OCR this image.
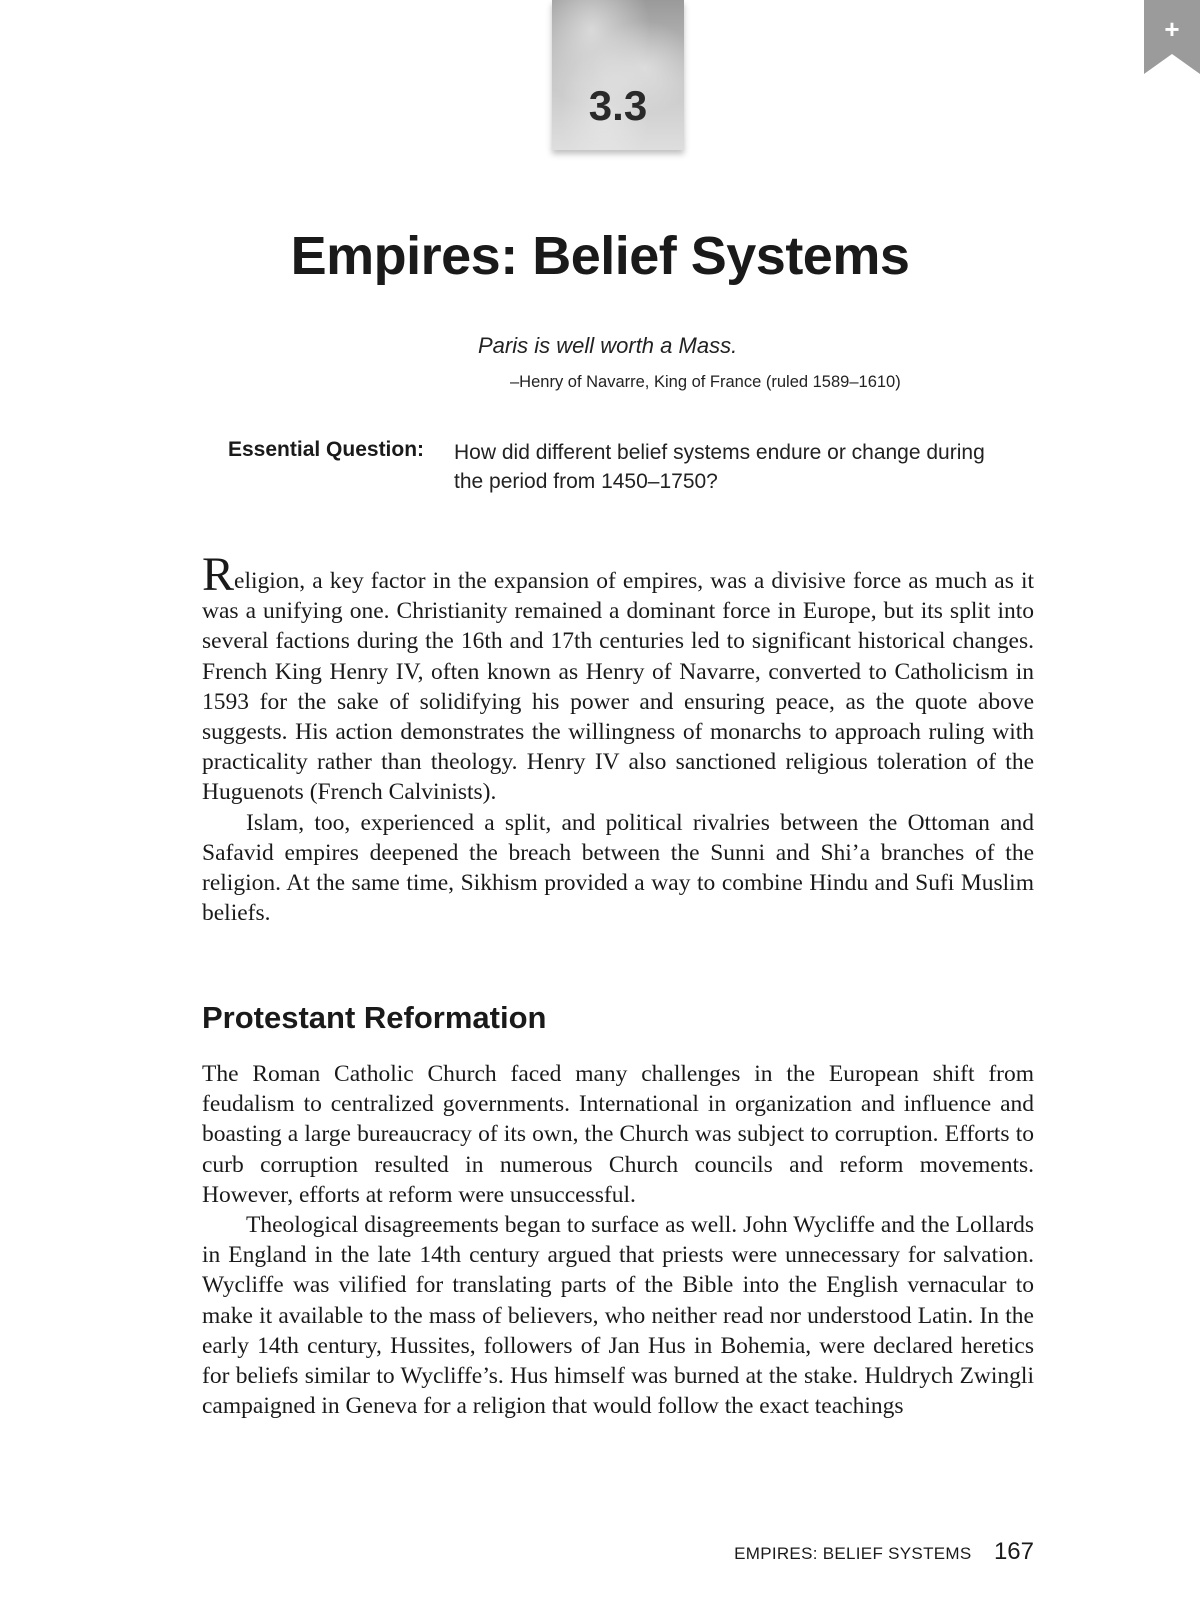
3.3
+
Empires: Belief Systems
Paris is well worth a Mass.
–Henry of Navarre, King of France (ruled 1589–1610)
Essential Question: How did different belief systems endure or change during the period from 1450–1750?

Religion, a key factor in the expansion of empires, was a divisive force as much as it was a unifying one. Christianity remained a dominant force in Europe, but its split into several factions during the 16th and 17th centuries led to significant historical changes. French King Henry IV, often known as Henry of Navarre, converted to Catholicism in 1593 for the sake of solidifying his power and ensuring peace, as the quote above suggests. His action demonstrates the willingness of monarchs to approach ruling with practicality rather than theology. Henry IV also sanctioned religious toleration of the Huguenots (French Calvinists).

Islam, too, experienced a split, and political rivalries between the Ottoman and Safavid empires deepened the breach between the Sunni and Shi’a branches of the religion. At the same time, Sikhism provided a way to combine Hindu and Sufi Muslim beliefs.

Protestant Reformation

The Roman Catholic Church faced many challenges in the European shift from feudalism to centralized governments. International in organization and influence and boasting a large bureaucracy of its own, the Church was subject to corruption. Efforts to curb corruption resulted in numerous Church councils and reform movements. However, efforts at reform were unsuccessful.

Theological disagreements began to surface as well. John Wycliffe and the Lollards in England in the late 14th century argued that priests were unnecessary for salvation. Wycliffe was vilified for translating parts of the Bible into the English vernacular to make it available to the mass of believers, who neither read nor understood Latin. In the early 14th century, Hussites, followers of Jan Hus in Bohemia, were declared heretics for beliefs similar to Wycliffe’s. Hus himself was burned at the stake. Huldrych Zwingli campaigned in Geneva for a religion that would follow the exact teachings

EMPIRES: BELIEF SYSTEMS 167
